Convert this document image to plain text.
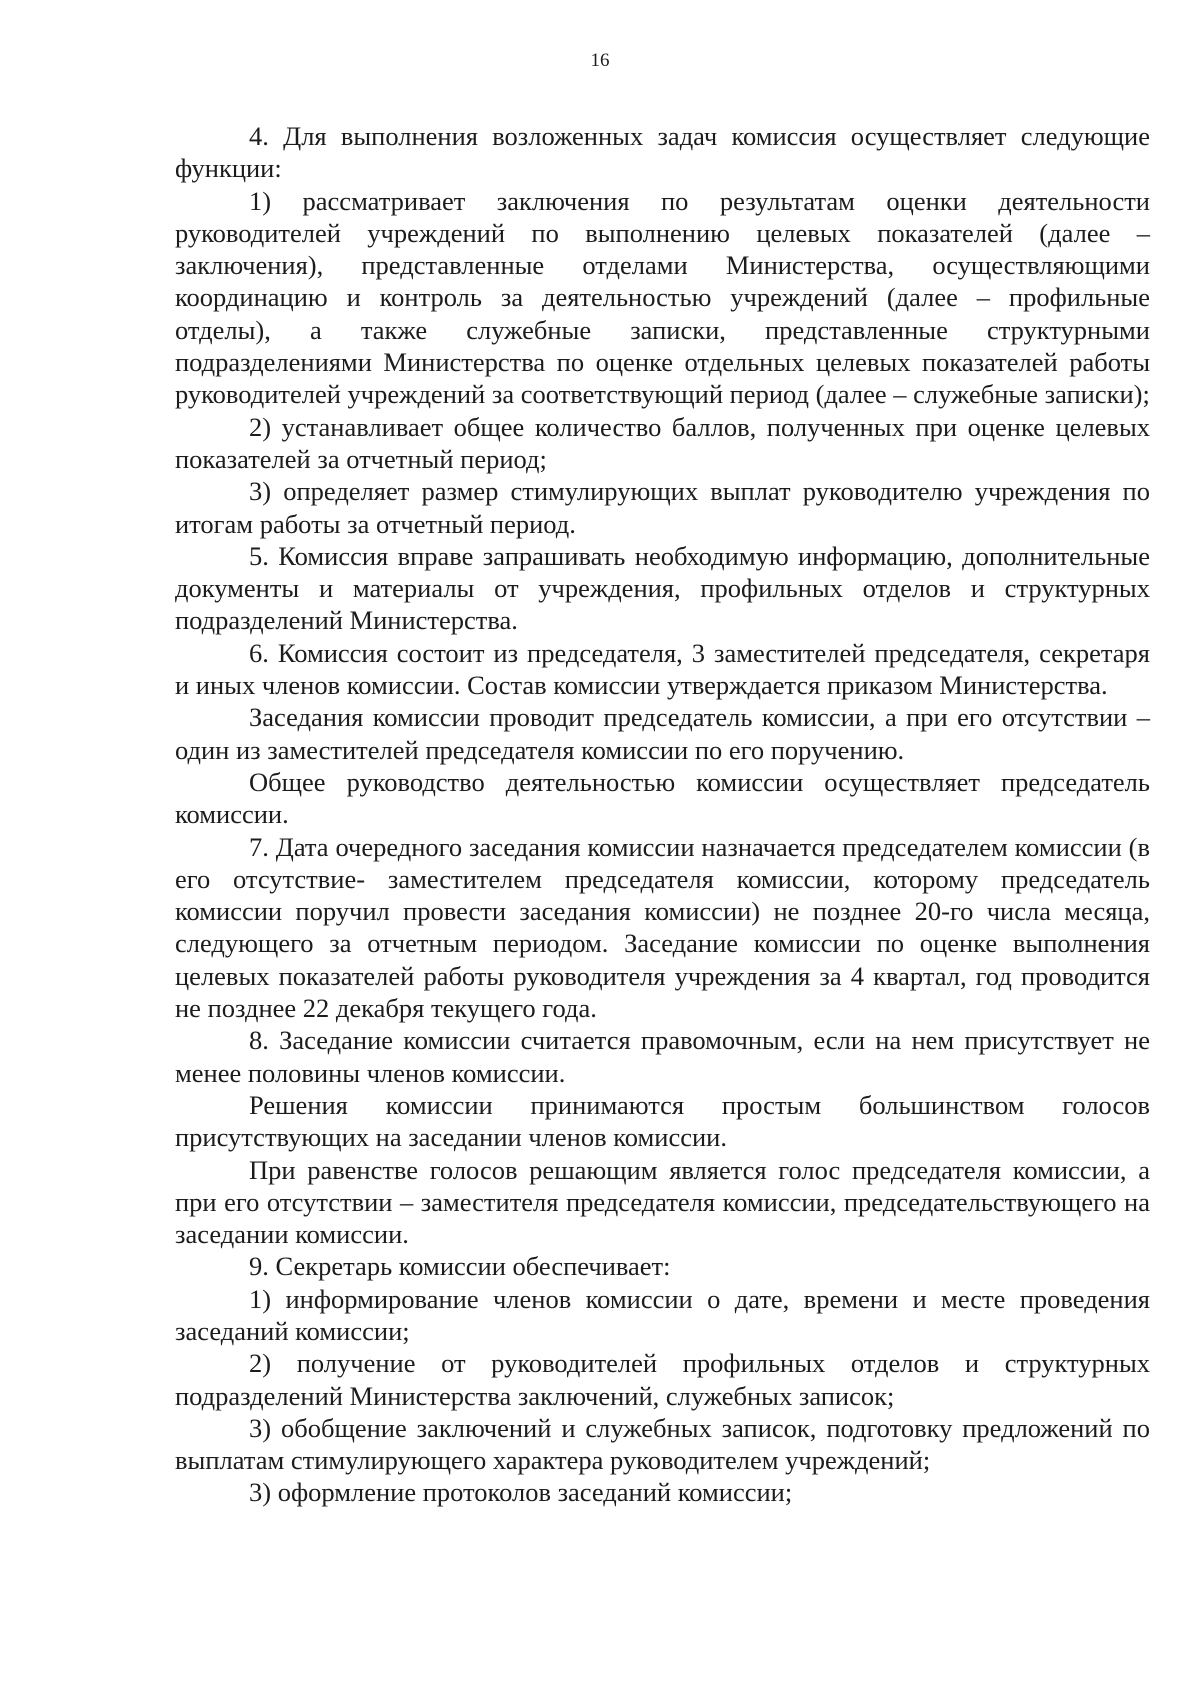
16

4. Для выполнения возложенных задач комиссия осуществляет следующие функции:

1) рассматривает заключения по результатам оценки деятельности руководителей учреждений по выполнению целевых показателей (далее – заключения), представленные отделами Министерства, осуществляющими координацию и контроль за деятельностью учреждений (далее – профильные отделы), а также служебные записки, представленные структурными подразделениями Министерства по оценке отдельных целевых показателей работы руководителей учреждений за соответствующий период (далее – служебные записки);

2) устанавливает общее количество баллов, полученных при оценке целевых показателей за отчетный период;

3) определяет размер стимулирующих выплат руководителю учреждения по итогам работы за отчетный период.

5. Комиссия вправе запрашивать необходимую информацию, дополнительные документы и материалы от учреждения, профильных отделов и структурных подразделений Министерства.

6. Комиссия состоит из председателя, 3 заместителей председателя, секретаря и иных членов комиссии. Состав комиссии утверждается приказом Министерства.

Заседания комиссии проводит председатель комиссии, а при его отсутствии – один из заместителей председателя комиссии по его поручению.

Общее руководство деятельностью комиссии осуществляет председатель комиссии.

7. Дата очередного заседания комиссии назначается председателем комиссии (в его отсутствие- заместителем председателя комиссии, которому председатель комиссии поручил провести заседания комиссии) не позднее 20-го числа месяца, следующего за отчетным периодом. Заседание комиссии по оценке выполнения целевых показателей работы руководителя учреждения за 4 квартал, год проводится не позднее 22 декабря текущего года.

8. Заседание комиссии считается правомочным, если на нем присутствует не менее половины членов комиссии.

Решения комиссии принимаются простым большинством голосов присутствующих на заседании членов комиссии.

При равенстве голосов решающим является голос председателя комиссии, а при его отсутствии – заместителя председателя комиссии, председательствующего на заседании комиссии.

9. Секретарь комиссии обеспечивает:

1) информирование членов комиссии о дате, времени и месте проведения заседаний комиссии;

2) получение от руководителей профильных отделов и структурных подразделений Министерства заключений, служебных записок;

3) обобщение заключений и служебных записок, подготовку предложений по выплатам стимулирующего характера руководителем учреждений;

3) оформление протоколов заседаний комиссии;
